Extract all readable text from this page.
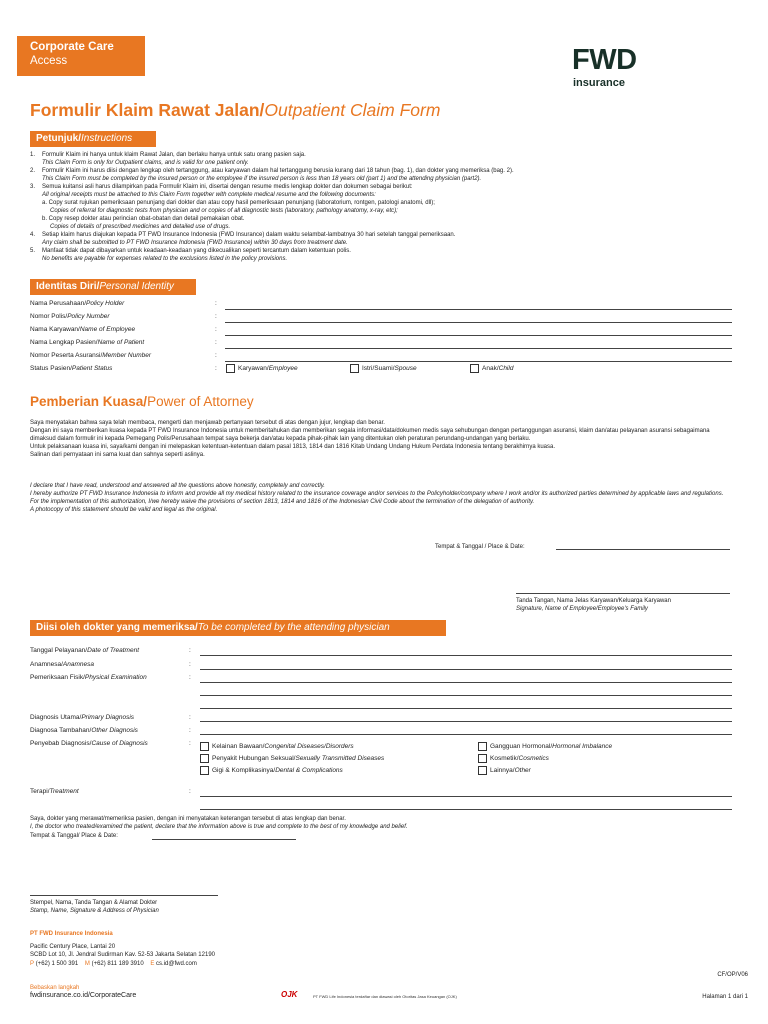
Corporate Care
Access	FWD
insurance
Formulir Klaim Rawat Jalan/Outpatient Claim Form
Petunjuk/Instructions
1. Formulir Klaim ini hanya untuk klaim Rawat Jalan, dan berlaku hanya untuk satu orang pasien saja.
This Claim Form is only for Outpatient claims, and is valid for one patient only.
2. Formulir Klaim ini harus diisi dengan lengkap oleh tertanggung, atau karyawan dalam hal tertanggung berusia kurang dari 18 tahun (bag. 1), dan dokter yang memeriksa (bag. 2).
This Claim Form must be completed by the insured person or the employee if the insured person is less than 18 years old (part 1) and the attending physician (part2).
3. Semua kuitansi asli harus dilampirkan pada Formulir Klaim ini, disertai dengan resume medis lengkap dokter dan dokumen sebagai berikut:
All original receipts must be attached to this Claim Form together with complete medical resume and the following documents:
a. Copy surat rujukan pemeriksaan penunjang dari dokter dan atau copy hasil pemeriksaan penunjang (laboratorium, rontgen, patologi anatomi, dll);
Copies of referral for diagnostic tests from physician and or copies of all diagnostic tests (laboratory, pathology anatomy, x-ray, etc);
b. Copy resep dokter atau perincian obat-obatan dan detail pemakaian obat.
Copies of details of prescribed medicines and detailed use of drugs.
4. Setiap klaim harus diajukan kepada PT FWD Insurance Indonesia (FWD Insurance) dalam waktu selambat-lambatnya 30 hari setelah tanggal pemeriksaan.
Any claim shall be submitted to PT FWD Insurance Indonesia (FWD Insurance) within 30 days from treatment date.
5. Manfaat tidak dapat dibayarkan untuk keadaan-keadaan yang dikecualikan seperti tercantum dalam ketentuan polis.
No benefits are payable for expenses related to the exclusions listed in the policy provisions.
Identitas Diri/Personal Identity
Nama Perusahaan/Policy Holder	:
Nomor Polis/Policy Number	:
Nama Karyawan/Name of Employee	:
Nama Lengkap Pasien/Name of Patient	:
Nomor Peserta Asuransi/Member Number	:
Status Pasien/Patient Status	:	Karyawan/Employee	Istri/Suami/Spouse	Anak/Child
Pemberian Kuasa/Power of Attorney
Saya menyatakan bahwa saya telah membaca, mengerti dan menjawab pertanyaan tersebut di atas dengan jujur, lengkap dan benar.
Dengan ini saya memberikan kuasa kepada PT FWD Insurance Indonesia untuk memberitahukan dan memberikan segala informasi/data/dokumen medis saya sehubungan dengan pertanggungan asuransi, klaim dan/atau pelayanan asuransi sebagaimana dimaksud dalam formulir ini kepada Pemegang Polis/Perusahaan tempat saya bekerja dan/atau kepada pihak-pihak lain yang ditentukan oleh peraturan perundang-undangan yang berlaku.
Untuk pelaksanaan kuasa ini, saya/kami dengan ini melepaskan ketentuan-ketentuan dalam pasal 1813, 1814 dan 1816 Kitab Undang Undang Hukum Perdata Indonesia tentang berakhirnya kuasa.
Salinan dari pernyataan ini sama kuat dan sahnya seperti aslinya.
I declare that I have read, understood and answered all the questions above honestly, completely and correctly.
I hereby authorize PT FWD Insurance Indonesia to inform and provide all my medical history related to the insurance coverage and/or services to the Policyholder/company where I work and/or its authorized parties determined by applicable laws and regulations.
For the implementation of this authorization, I/we hereby waive the provisions of section 1813, 1814 and 1816 of the Indonesian Civil Code about the termination of the delegation of authority.
A photocopy of this statement should be valid and legal as the original.
Tempat & Tanggal / Place & Date:
Tanda Tangan, Nama Jelas Karyawan/Keluarga Karyawan
Signature, Name of Employee/Employee's Family
Diisi oleh dokter yang memeriksa/To be completed by the attending physician
Tanggal Pelayanan/Date of Treatment	:
Anamnesa/Anamnesa	:
Pemeriksaan Fisik/Physical Examination	:
Diagnosis Utama/Primary Diagnosis	:
Diagnosa Tambahan/Other Diagnosis	:
Penyebab Diagnosis/Cause of Diagnosis	:	Kelainan Bawaan/Congenital Diseases/Disorders
Penyakit Hubungan Seksual/Sexually Transmitted Diseases
Gigi & Komplikasinya/Dental & Complications
Gangguan Hormonal/Hormonal Imbalance
Kosmetik/Cosmetics
Lainnya/Other
Terapi/Treatment	:
Saya, dokter yang merawat/memeriksa pasien, dengan ini menyatakan keterangan tersebut di atas lengkap dan benar.
I, the doctor who treated/examined the patient, declare that the information above is true and complete to the best of my knowledge and belief.
Tempat & Tanggal/ Place & Date:
Stempel, Nama, Tanda Tangan & Alamat Dokter
Stamp, Name, Signature & Address of Physician
PT FWD Insurance Indonesia
Pacific Century Place, Lantai 20
SCBD Lot 10, Jl. Jendral Sudirman Kav. 52-53 Jakarta Selatan 12190
P (+62) 1 500 391 M (+62) 811 189 3910 E cs.id@fwd.com
Bebaskan langkah
fwdinsurance.co.id/CorporateCare	OJK	PT FWD Life Indonesia terdaftar dan diawasi oleh Otoritas Jasa Keuangan (OJK)
CF/OP/V06
Halaman 1 dari 1
